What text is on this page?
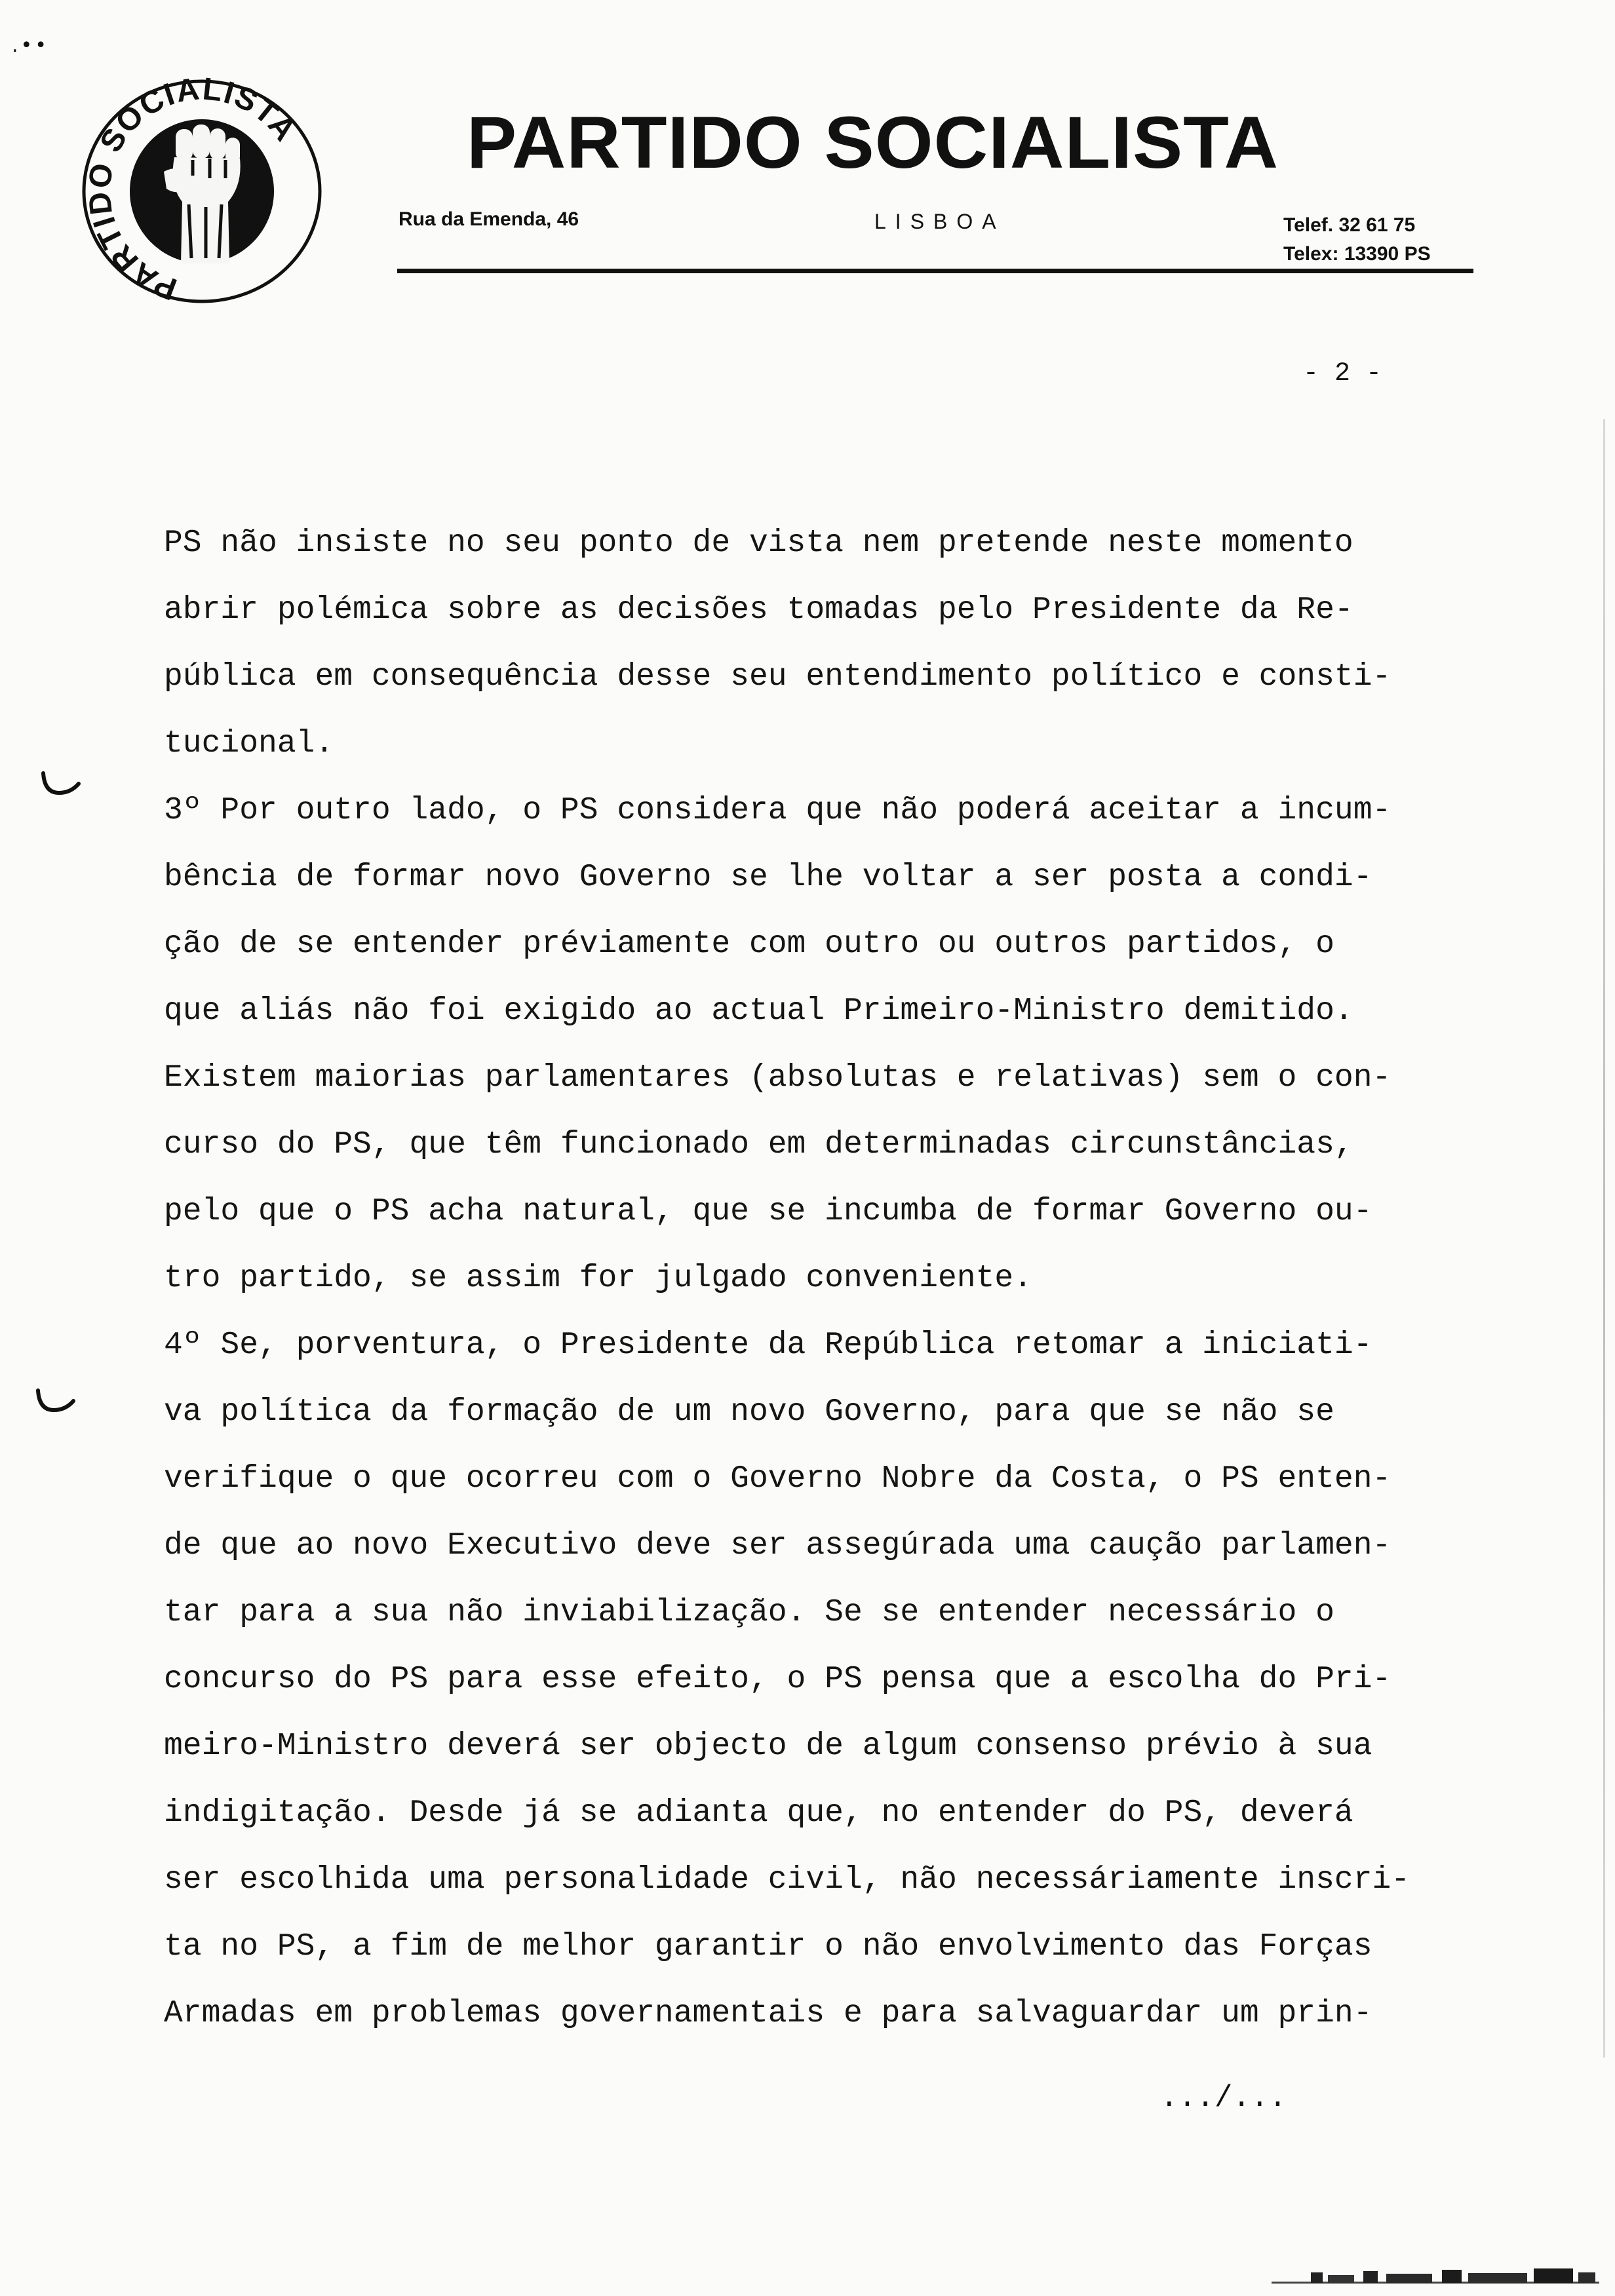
.••
PARTIDO SOCIALISTA PARTIDO SOCIALISTA
Rua da Emenda, 46	LISBOA	Telef. 32 61 75
Telex: 13390 PS
- 2 -
PS não insiste no seu ponto de vista nem pretende neste momento
abrir polémica sobre as decisões tomadas pelo Presidente da Re-
pública em consequência desse seu entendimento político e consti-
tucional.
3º Por outro lado, o PS considera que não poderá aceitar a incum-
bência de formar novo Governo se lhe voltar a ser posta a condi-
ção de se entender préviamente com outro ou outros partidos, o
que aliás não foi exigido ao actual Primeiro-Ministro demitido.
Existem maiorias parlamentares (absolutas e relativas) sem o con-
curso do PS, que têm funcionado em determinadas circunstâncias,
pelo que o PS acha natural, que se incumba de formar Governo ou-
tro partido, se assim for julgado conveniente.
4º Se, porventura, o Presidente da República retomar a iniciati-
va política da formação de um novo Governo, para que se não se
verifique o que ocorreu com o Governo Nobre da Costa, o PS enten-
de que ao novo Executivo deve ser assegúrada uma caução parlamen-
tar para a sua não inviabilização. Se se entender necessário o
concurso do PS para esse efeito, o PS pensa que a escolha do Pri-
meiro-Ministro deverá ser objecto de algum consenso prévio à sua
indigitação. Desde já se adianta que, no entender do PS, deverá
ser escolhida uma personalidade civil, não necessáriamente inscri-
ta no PS, a fim de melhor garantir o não envolvimento das Forças
Armadas em problemas governamentais e para salvaguardar um prin-
.../...
